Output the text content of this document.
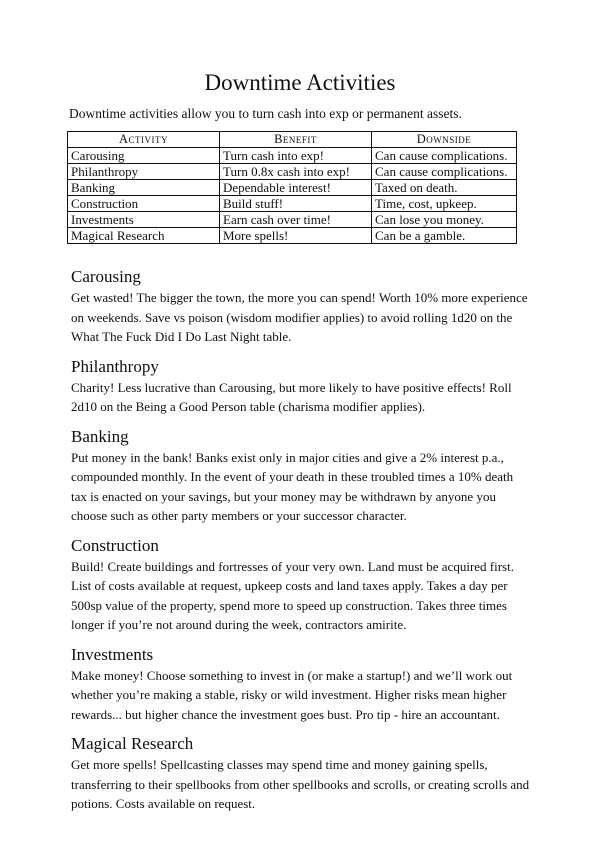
Downtime Activities

Downtime activities allow you to turn cash into exp or permanent assets.

Activity	Benefit	Downside
Carousing	Turn cash into exp!	Can cause complications.
Philanthropy	Turn 0.8x cash into exp!	Can cause complications.
Banking	Dependable interest!	Taxed on death.
Construction	Build stuff!	Time, cost, upkeep.
Investments	Earn cash over time!	Can lose you money.
Magical Research	More spells!	Can be a gamble.
Carousing

Get wasted! The bigger the town, the more you can spend! Worth 10% more experience on weekends. Save vs poison (wisdom modifier applies) to avoid rolling 1d20 on the What The Fuck Did I Do Last Night table.

Philanthropy

Charity! Less lucrative than Carousing, but more likely to have positive effects! Roll 2d10 on the Being a Good Person table (charisma modifier applies).

Banking

Put money in the bank! Banks exist only in major cities and give a 2% interest p.a., compounded monthly. In the event of your death in these troubled times a 10% death tax is enacted on your savings, but your money may be withdrawn by anyone you choose such as other party members or your successor character.

Construction

Build! Create buildings and fortresses of your very own. Land must be acquired first. List of costs available at request, upkeep costs and land taxes apply. Takes a day per 500sp value of the property, spend more to speed up construction. Takes three times longer if you’re not around during the week, contractors amirite.

Investments

Make money! Choose something to invest in (or make a startup!) and we’ll work out whether you’re making a stable, risky or wild investment. Higher risks mean higher rewards... but higher chance the investment goes bust. Pro tip - hire an accountant.

Magical Research

Get more spells! Spellcasting classes may spend time and money gaining spells, transferring to their spellbooks from other spellbooks and scrolls, or creating scrolls and potions. Costs available on request.
